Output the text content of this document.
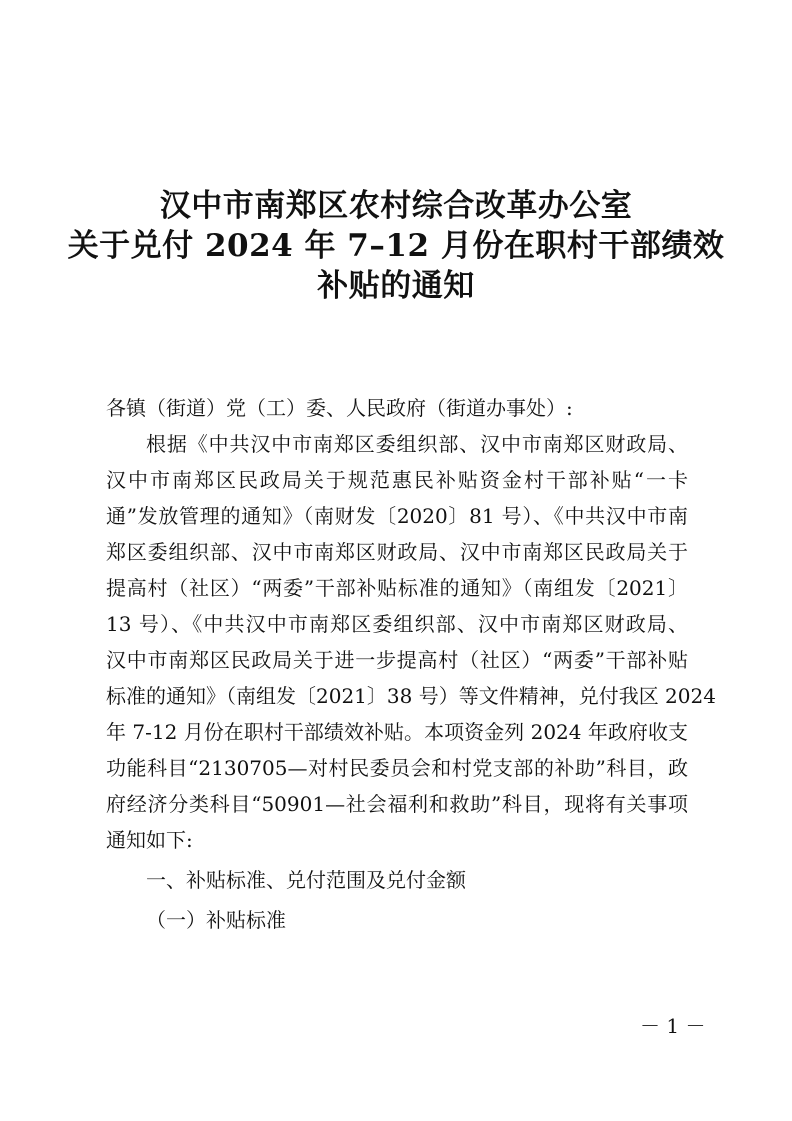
汉中市南郑区农村综合改革办公室
关于兑付 2024 年 7–12 月份在职村干部绩效
补贴的通知
各镇（街道）党（工）委、人民政府（街道办事处）:
根据《中共汉中市南郑区委组织部、汉中市南郑区财政局、
汉中市南郑区民政局关于规范惠民补贴资金村干部补贴“一卡
通”发放管理的通知》（南财发〔2020〕81 号）、《中共汉中市南
郑区委组织部、汉中市南郑区财政局、汉中市南郑区民政局关于
提高村（社区）“两委”干部补贴标准的通知》（南组发〔2021〕
13 号）、《中共汉中市南郑区委组织部、汉中市南郑区财政局、
汉中市南郑区民政局关于进一步提高村（社区）“两委”干部补贴
标准的通知》（南组发〔2021〕38 号）等文件精神，兑付我区 2024
年 7-12 月份在职村干部绩效补贴。本项资金列 2024 年政府收支
功能科目“2130705—对村民委员会和村党支部的补助”科目，政
府经济分类科目“50901—社会福利和救助”科目，现将有关事项
通知如下:
一、补贴标准、兑付范围及兑付金额
（一）补贴标准
－ 1 －
